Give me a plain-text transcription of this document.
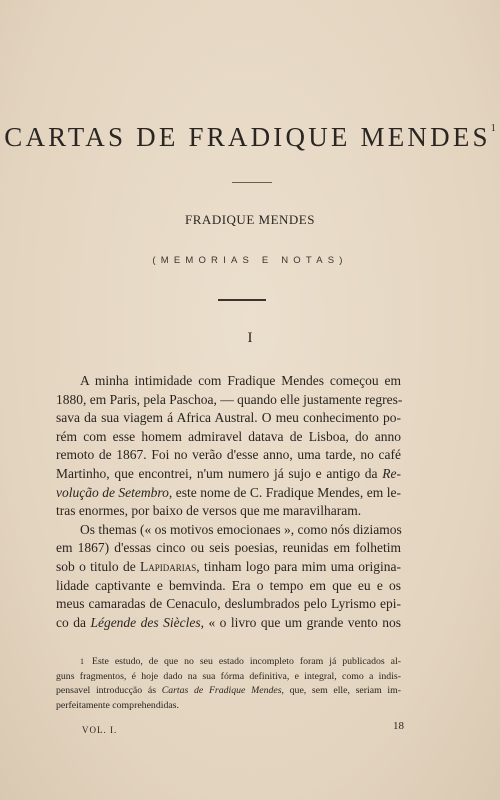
CARTAS DE FRADIQUE MENDES$^1$
FRADIQUE MENDES
(MEMORIAS E NOTAS)
I
A minha intimidade com Fradique Mendes começou em
1880, em Paris, pela Paschoa, — quando elle justamente regres-
sava da sua viagem á Africa Austral. O meu conhecimento po-
rém com esse homem admiravel datava de Lisboa, do anno
remoto de 1867. Foi no verão d'esse anno, uma tarde, no café
Martinho, que encontrei, n'um numero já sujo e antigo da Re-
volução de Setembro, este nome de C. Fradique Mendes, em le-
tras enormes, por baixo de versos que me maravilharam.
Os themas (« os motivos emocionaes », como nós diziamos
em 1867) d'essas cinco ou seis poesias, reunidas em folhetim
sob o titulo de Lapidarias, tinham logo para mim uma origina-
lidade captivante e bemvinda. Era o tempo em que eu e os
meus camaradas de Cenaculo, deslumbrados pelo Lyrismo epi-
co da Légende des Siècles, « o livro que um grande vento nos
$^1$ Este estudo, de que no seu estado incompleto foram já publicados al-
guns fragmentos, é hoje dado na sua fórma definitiva, e integral, como a indis-
pensavel introducção ás Cartas de Fradique Mendes, que, sem elle, seriam im-
perfeitamente comprehendidas.
VOL. I.	18
